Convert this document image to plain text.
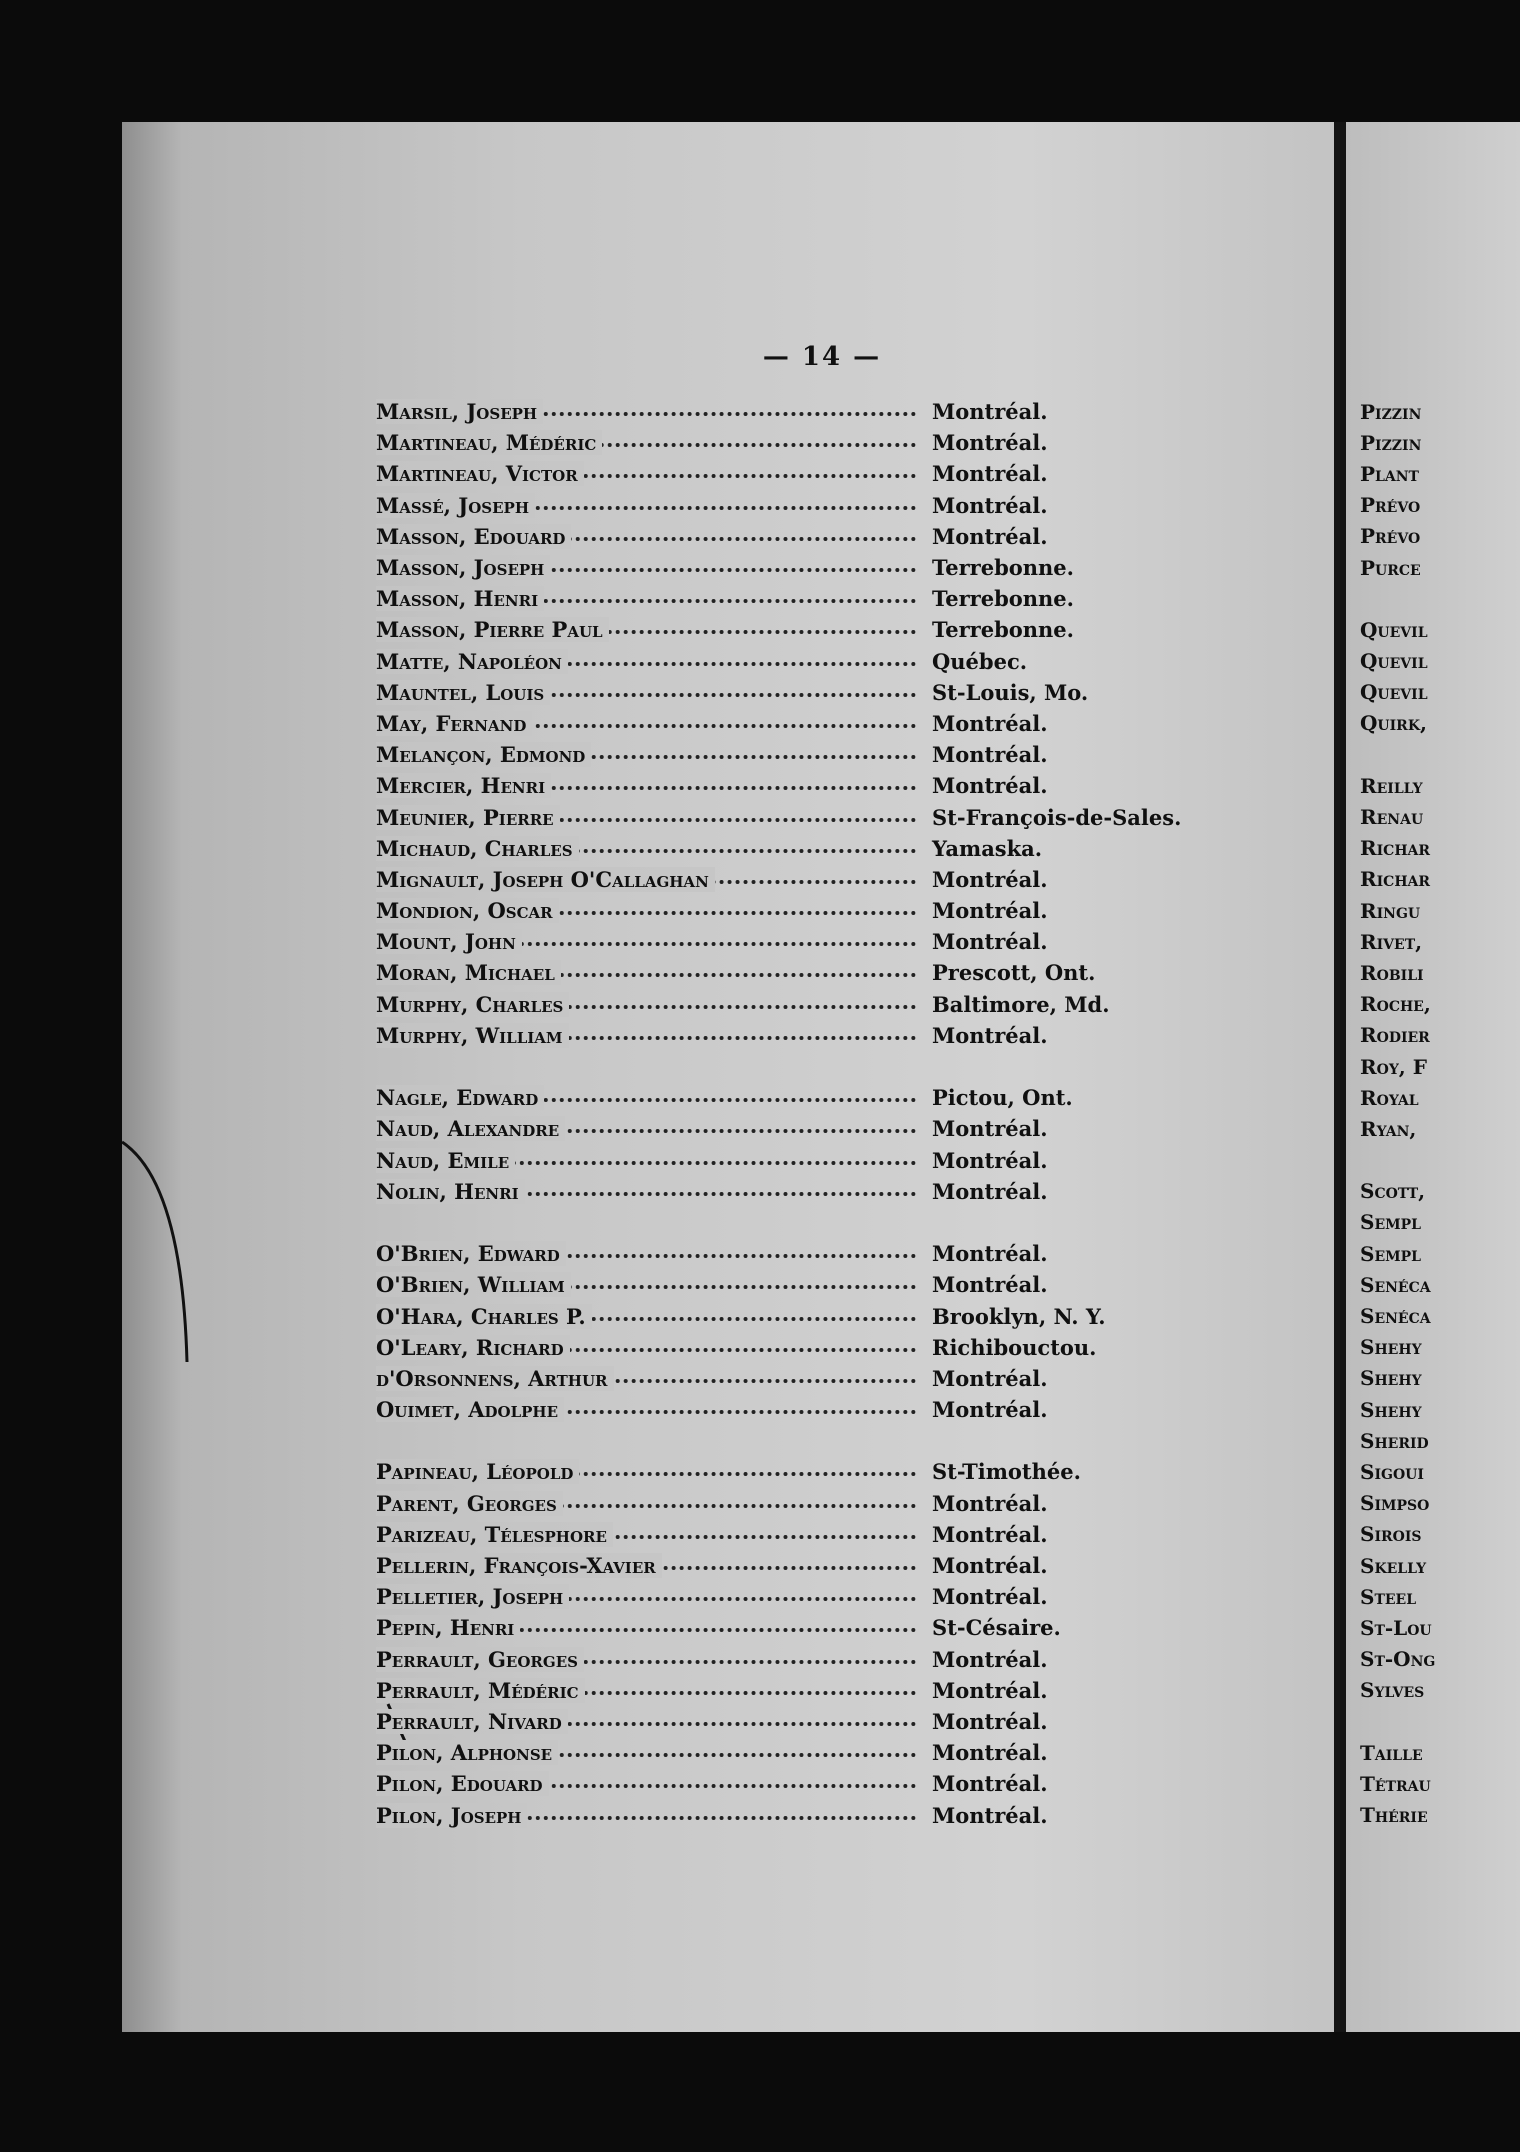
— 14 —
Marsil, Joseph	Montréal.
Martineau, Médéric	Montréal.
Martineau, Victor	Montréal.
Massé, Joseph	Montréal.
Masson, Edouard	Montréal.
Masson, Joseph	Terrebonne.
Masson, Henri	Terrebonne.
Masson, Pierre Paul	Terrebonne.
Matte, Napoléon	Québec.
Mauntel, Louis	St-Louis, Mo.
May, Fernand	Montréal.
Melançon, Edmond	Montréal.
Mercier, Henri	Montréal.
Meunier, Pierre	St-François-de-Sales.
Michaud, Charles	Yamaska.
Mignault, Joseph O'Callaghan	Montréal.
Mondion, Oscar	Montréal.
Mount, John	Montréal.
Moran, Michael	Prescott, Ont.
Murphy, Charles	Baltimore, Md.
Murphy, William	Montréal.
Nagle, Edward	Pictou, Ont.
Naud, Alexandre	Montréal.
Naud, Emile	Montréal.
Nolin, Henri	Montréal.
O'Brien, Edward	Montréal.
O'Brien, William	Montréal.
O'Hara, Charles P.	Brooklyn, N. Y.
O'Leary, Richard	Richibouctou.
d'Orsonnens, Arthur	Montréal.
Ouimet, Adolphe	Montréal.
Papineau, Léopold	St-Timothée.
Parent, Georges	Montréal.
Parizeau, Télesphore	Montréal.
Pellerin, François-Xavier	Montréal.
Pelletier, Joseph	Montréal.
Pepin, Henri	St-Césaire.
Perrault, Georges	Montréal.
Perrault, Médéric	Montréal.
Perrault, Nivard	Montréal.
Pilon, Alphonse	Montréal.
Pilon, Edouard	Montréal.
Pilon, Joseph	Montréal.
Pizzin
Pizzin
Plant
Prévo
Prévo
Purce
Quevil
Quevil
Quevil
Quirk,
Reilly
Renau
Richar
Richar
Ringu
Rivet,
Robili
Roche,
Rodier
Roy, F
Royal
Ryan,
Scott,
Sempl
Sempl
Senéca
Senéca
Shehy
Shehy
Shehy
Sherid
Sigoui
Simpso
Sirois
Skelly
Steel
St-Lou
St-Ong
Sylves
Taille
Tétrau
Thérie
